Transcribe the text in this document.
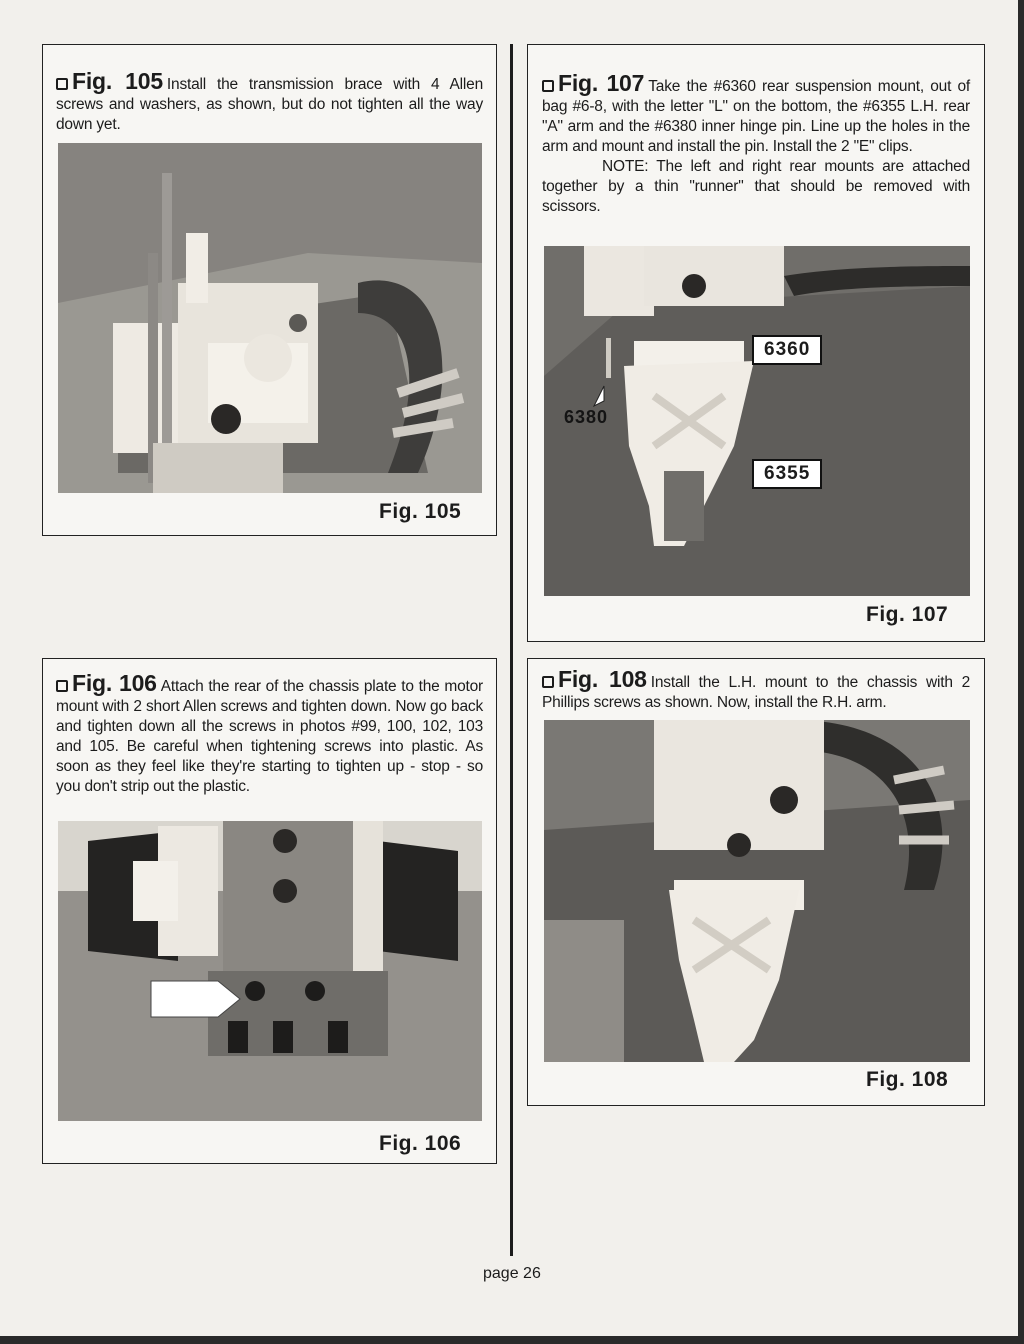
Fig. 105 Install the transmission brace with 4 Allen screws and washers, as shown, but do not tighten all the way down yet.
Fig. 105
Fig. 106 Attach the rear of the chassis plate to the motor mount with 2 short Allen screws and tighten down. Now go back and tighten down all the screws in photos #99, 100, 102, 103 and 105. Be careful when tightening screws into plastic. As soon as they feel like they're starting to tighten up - stop - so you don't strip out the plastic.
Fig. 106
Fig. 107 Take the #6360 rear suspension mount, out of bag #6-8, with the letter "L" on the bottom, the #6355 L.H. rear "A" arm and the #6380 inner hinge pin. Line up the holes in the arm and mount and install the pin. Install the 2 "E" clips.
NOTE: The left and right rear mounts are attached together by a thin "runner" that should be removed with scissors.
6360
6380
6355
Fig. 107
Fig. 108 Install the L.H. mount to the chassis with 2 Phillips screws as shown. Now, install the R.H. arm.
Fig. 108
page 26
